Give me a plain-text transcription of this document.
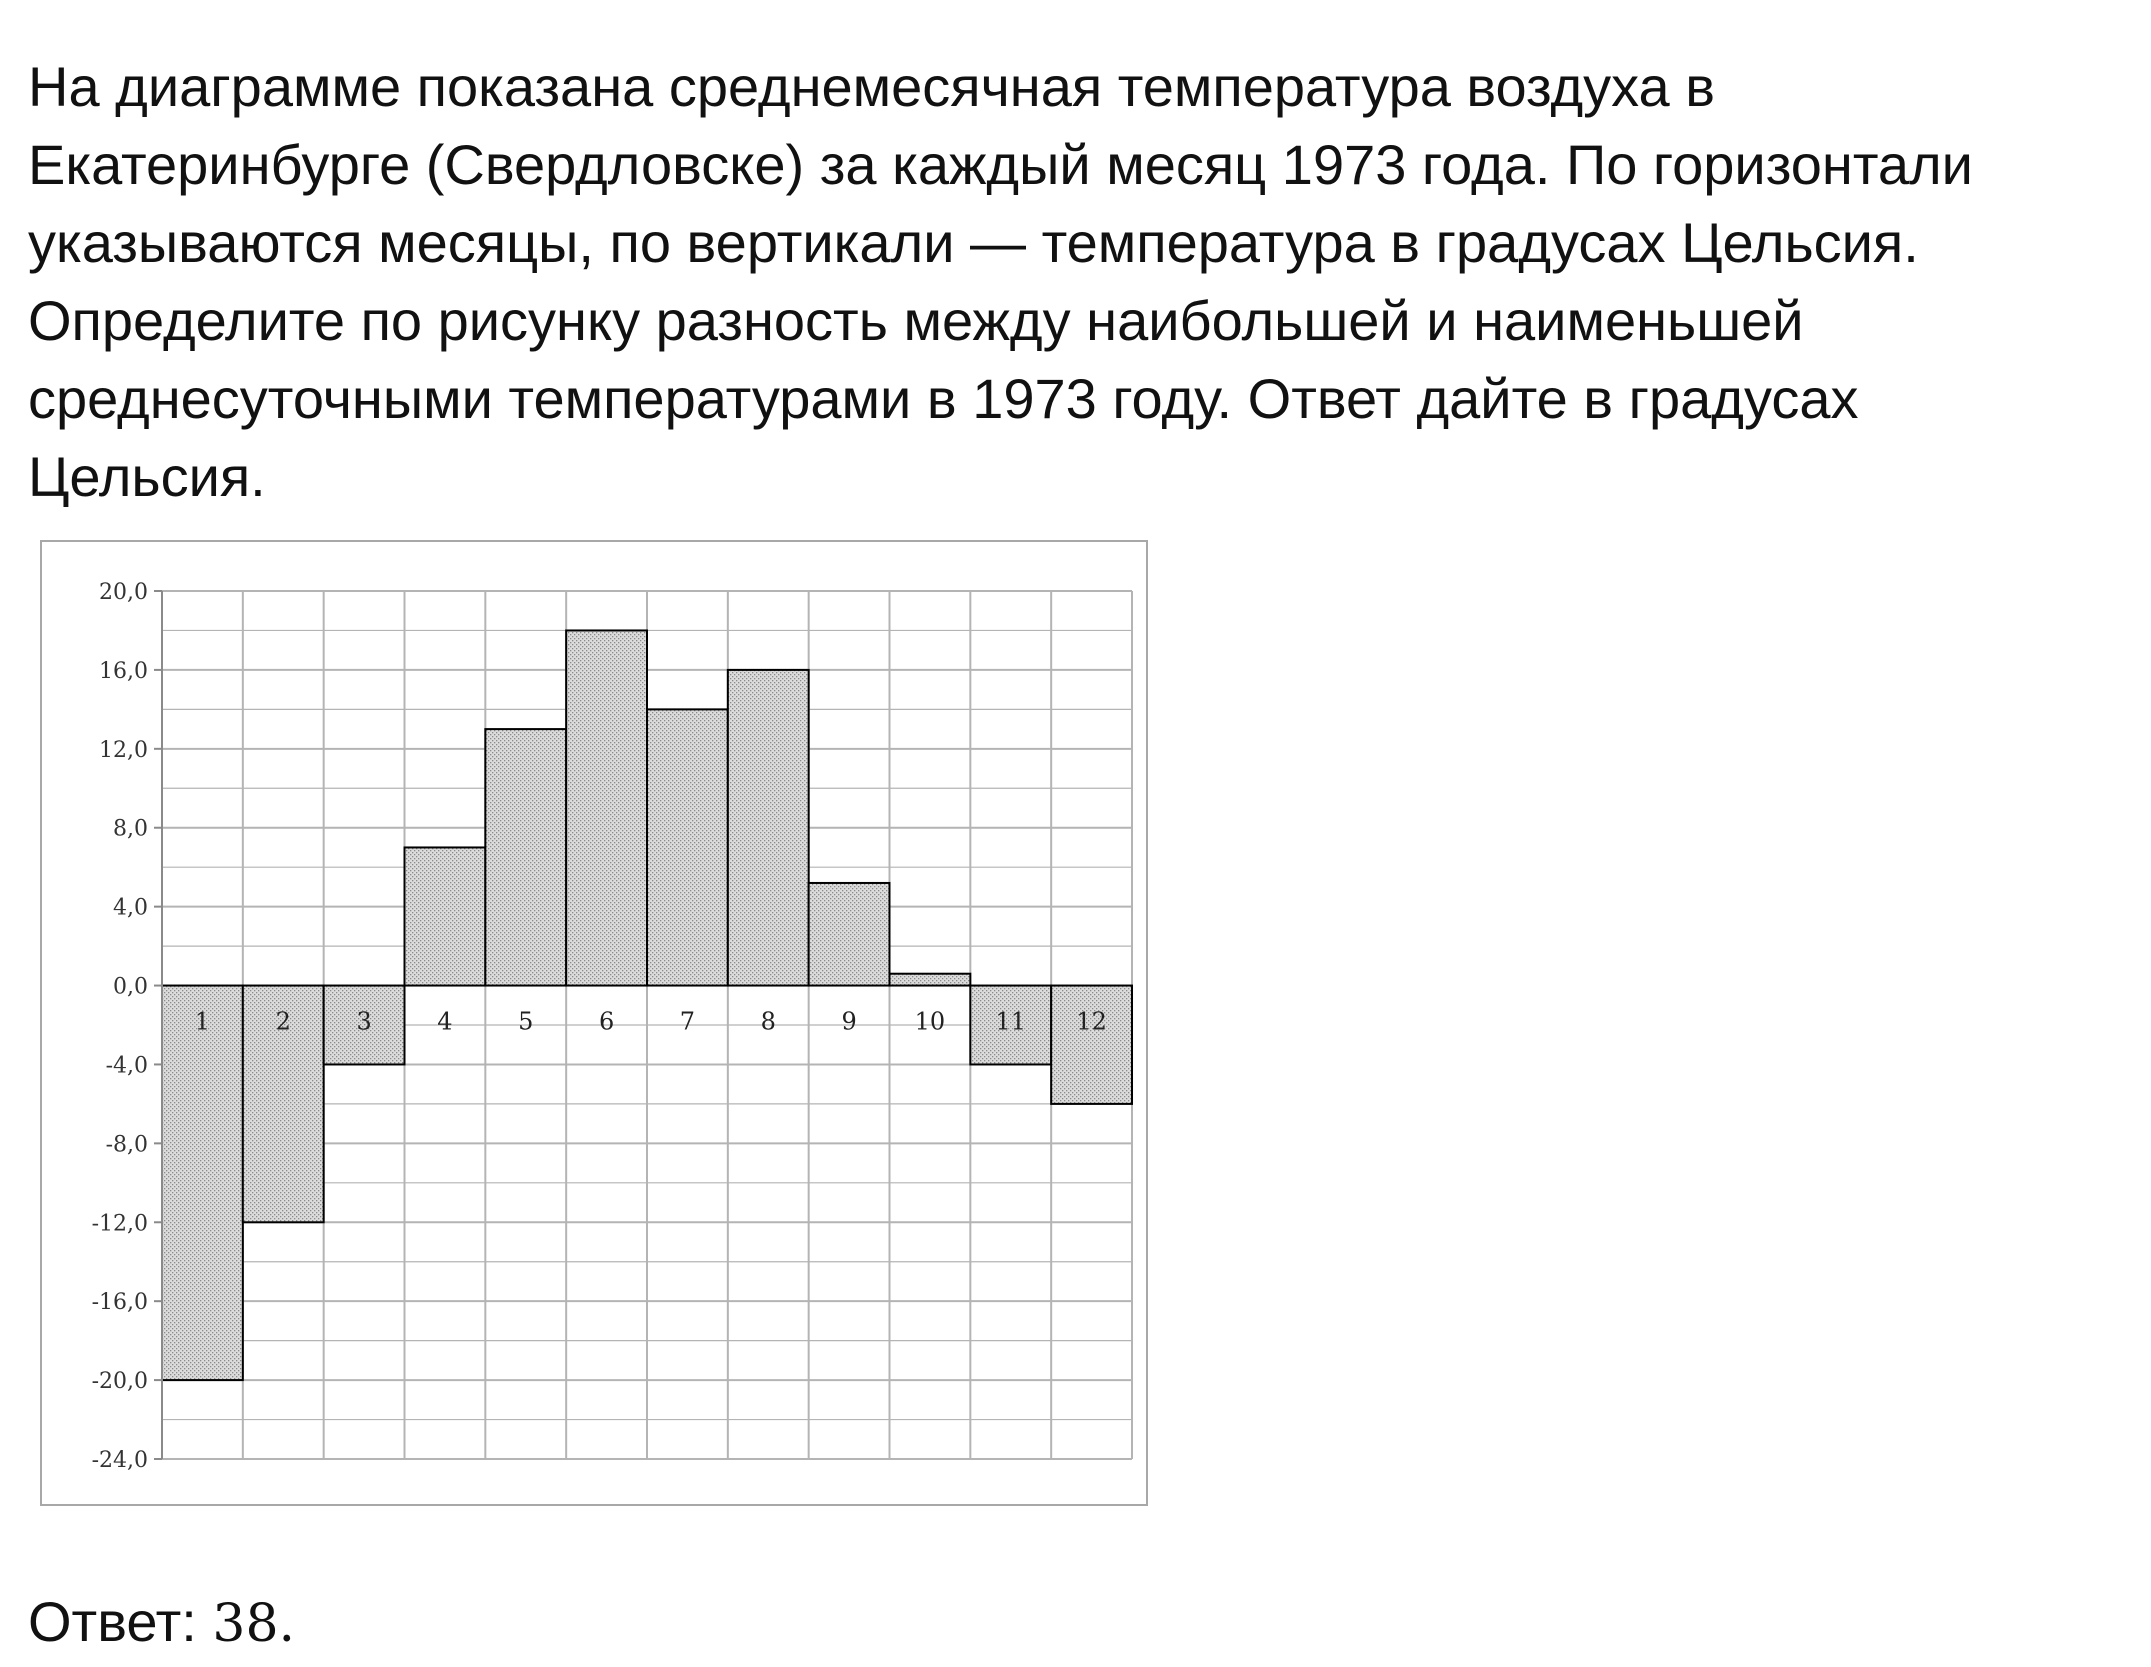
На диаграмме показана среднемесячная температура воздуха в
Екатеринбурге (Свердловске) за каждый месяц 1973 года. По горизонтали
указываются месяцы, по вертикали — температура в градусах Цельсия.
Определите по рисунку разность между наибольшей и наименьшей
среднесуточными температурами в 1973 году. Ответ дайте в градусах
Цельсия.

20,0
16,0
12,0
8,0
4,0
0,0
-4,0
-8,0
-12,0
-16,0
-20,0
-24,0
1	2	3	4	5	6	7	8	9 10 11 12

Ответ: 38.
